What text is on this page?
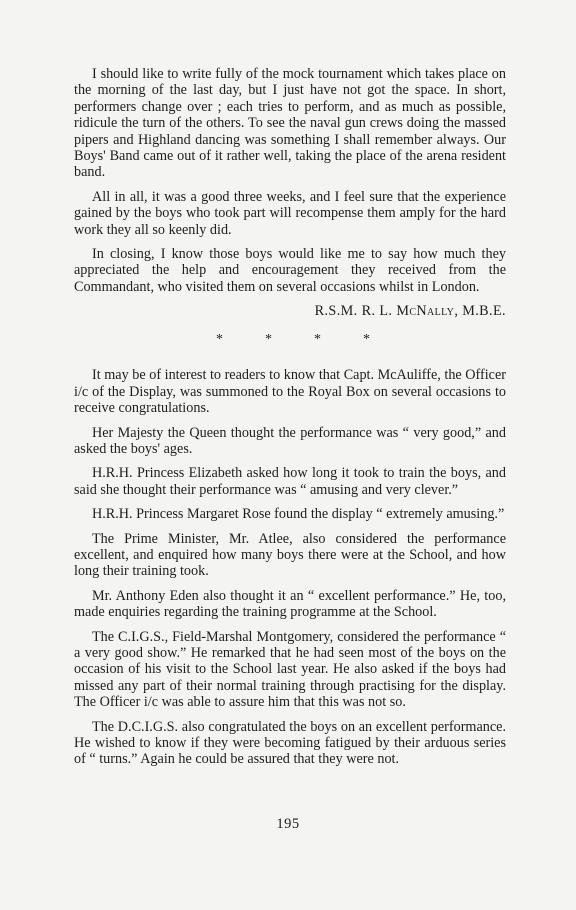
I should like to write fully of the mock tournament which takes place on the morning of the last day, but I just have not got the space. In short, performers change over ; each tries to perform, and as much as possible, ridicule the turn of the others. To see the naval gun crews doing the massed pipers and Highland dancing was something I shall remember always. Our Boys' Band came out of it rather well, taking the place of the arena resident band.

All in all, it was a good three weeks, and I feel sure that the experience gained by the boys who took part will recompense them amply for the hard work they all so keenly did.

In closing, I know those boys would like me to say how much they appreciated the help and encouragement they received from the Commandant, who visited them on several occasions whilst in London.

R.S.M. R. L. McNally, M.B.E.
*	*	*	*

It may be of interest to readers to know that Capt. McAuliffe, the Officer i/c of the Display, was summoned to the Royal Box on several occasions to receive congratulations.

Her Majesty the Queen thought the performance was “ very good,” and asked the boys' ages.

H.R.H. Princess Elizabeth asked how long it took to train the boys, and said she thought their performance was “ amusing and very clever.”

H.R.H. Princess Margaret Rose found the display “ extremely amusing.”

The Prime Minister, Mr. Atlee, also considered the performance excellent, and enquired how many boys there were at the School, and how long their training took.

Mr. Anthony Eden also thought it an “ excellent performance.” He, too, made enquiries regarding the training programme at the School.

The C.I.G.S., Field-Marshal Montgomery, considered the performance “ a very good show.” He remarked that he had seen most of the boys on the occasion of his visit to the School last year. He also asked if the boys had missed any part of their normal training through practising for the display. The Officer i/c was able to assure him that this was not so.

The D.C.I.G.S. also congratulated the boys on an excellent performance. He wished to know if they were becoming fatigued by their arduous series of “ turns.” Again he could be assured that they were not.

195
